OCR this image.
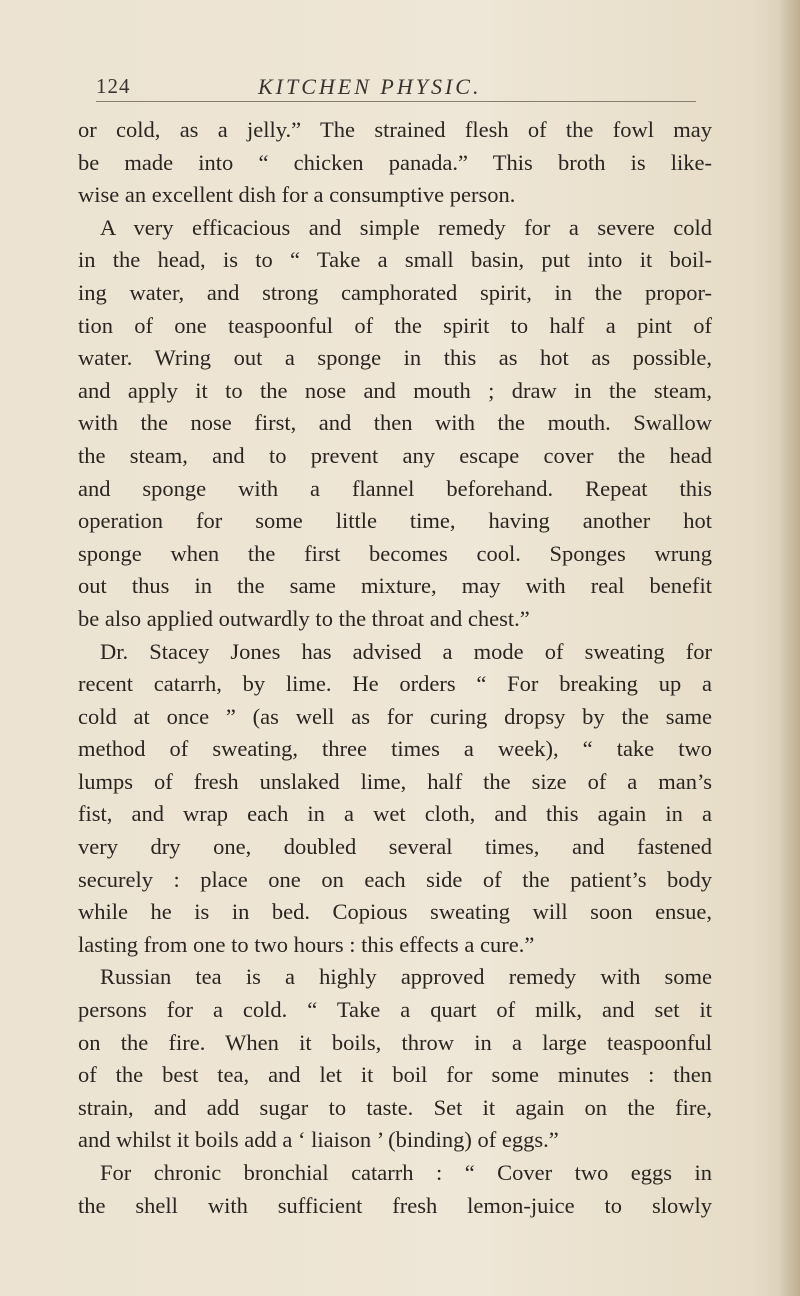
124	KITCHEN PHYSIC.
or cold, as a jelly.” The strained flesh of the fowl may
be made into “ chicken panada.” This broth is like-
wise an excellent dish for a consumptive person.
A very efficacious and simple remedy for a severe cold
in the head, is to “ Take a small basin, put into it boil-
ing water, and strong camphorated spirit, in the propor-
tion of one teaspoonful of the spirit to half a pint of
water. Wring out a sponge in this as hot as possible,
and apply it to the nose and mouth ; draw in the steam,
with the nose first, and then with the mouth. Swallow
the steam, and to prevent any escape cover the head
and sponge with a flannel beforehand. Repeat this
operation for some little time, having another hot
sponge when the first becomes cool. Sponges wrung
out thus in the same mixture, may with real benefit
be also applied outwardly to the throat and chest.”
Dr. Stacey Jones has advised a mode of sweating for
recent catarrh, by lime. He orders “ For breaking up a
cold at once ” (as well as for curing dropsy by the same
method of sweating, three times a week), “ take two
lumps of fresh unslaked lime, half the size of a man’s
fist, and wrap each in a wet cloth, and this again in a
very dry one, doubled several times, and fastened
securely : place one on each side of the patient’s body
while he is in bed. Copious sweating will soon ensue,
lasting from one to two hours : this effects a cure.”
Russian tea is a highly approved remedy with some
persons for a cold. “ Take a quart of milk, and set it
on the fire. When it boils, throw in a large teaspoonful
of the best tea, and let it boil for some minutes : then
strain, and add sugar to taste. Set it again on the fire,
and whilst it boils add a ‘ liaison ’ (binding) of eggs.”
For chronic bronchial catarrh : “ Cover two eggs in
the shell with sufficient fresh lemon-juice to slowly
